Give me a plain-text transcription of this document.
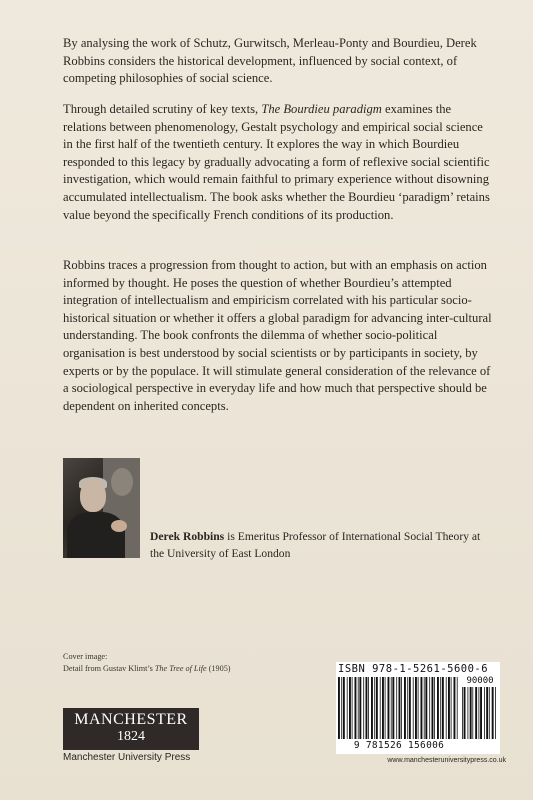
By analysing the work of Schutz, Gurwitsch, Merleau-Ponty and Bourdieu, Derek Robbins considers the historical development, influenced by social context, of competing philosophies of social science.

Through detailed scrutiny of key texts, The Bourdieu paradigm examines the relations between phenomenology, Gestalt psychology and empirical social science in the first half of the twentieth century. It explores the way in which Bourdieu responded to this legacy by gradually advocating a form of reflexive social scientific investigation, which would remain faithful to primary experience without disowning accumulated intellectualism. The book asks whether the Bourdieu ‘paradigm’ retains value beyond the specifically French conditions of its production.

Robbins traces a progression from thought to action, but with an emphasis on action informed by thought. He poses the question of whether Bourdieu’s attempted integration of intellectualism and empiricism correlated with his particular socio-historical situation or whether it offers a global paradigm for advancing inter-cultural understanding. The book confronts the dilemma of whether socio-political organisation is best understood by social scientists or by participants in society, by experts or by the populace. It will stimulate general consideration of the relevance of a sociological perspective in everyday life and how much that perspective should be dependent on inherited concepts.

Derek Robbins is Emeritus Professor of International Social Theory at the University of East London

Cover image:
Detail from Gustav Klimt’s The Tree of Life (1905)
MANCHESTER
1824
Manchester University Press
ISBN 978-1-5261-5600-6
90000
9 781526 156006
www.manchesteruniversitypress.co.uk
